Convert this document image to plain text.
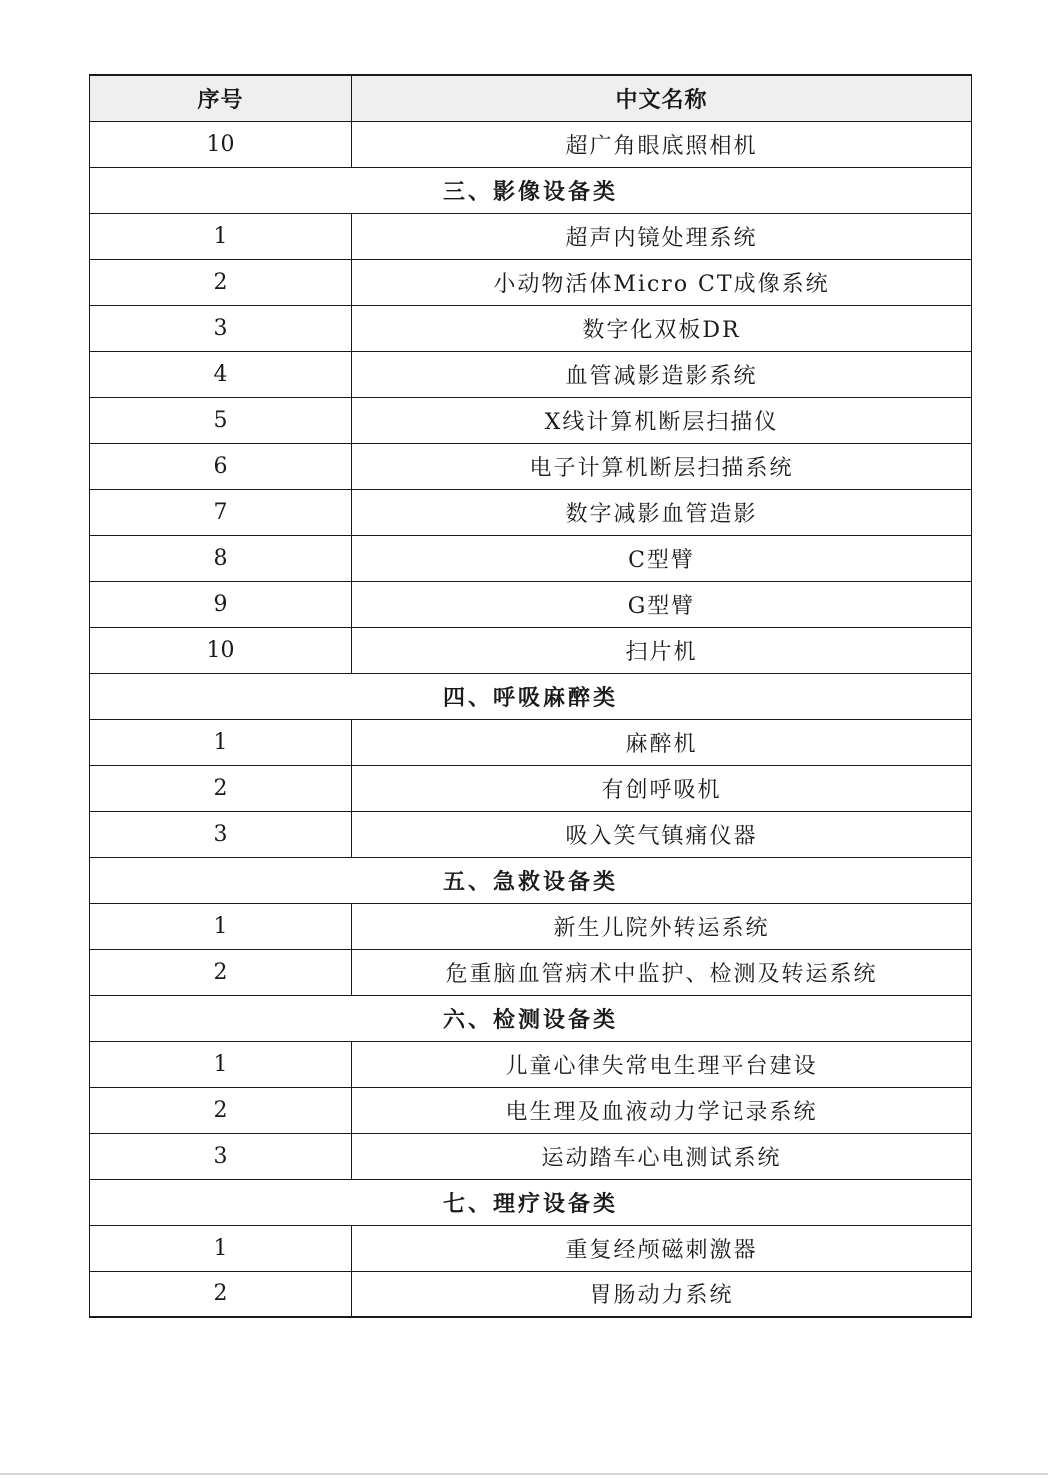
序号	中文名称
10	超广角眼底照相机
三、影像设备类	
1	超声内镜处理系统
2	小动物活体Micro CT成像系统
3	数字化双板DR
4	血管减影造影系统
5	X线计算机断层扫描仪
6	电子计算机断层扫描系统
7	数字减影血管造影
8	C型臂
9	G型臂
10	扫片机
四、呼吸麻醉类	
1	麻醉机
2	有创呼吸机
3	吸入笑气镇痛仪器
五、急救设备类	
1	新生儿院外转运系统
2	危重脑血管病术中监护、检测及转运系统
六、检测设备类	
1	儿童心律失常电生理平台建设
2	电生理及血液动力学记录系统
3	运动踏车心电测试系统
七、理疗设备类	
1	重复经颅磁刺激器
2	胃肠动力系统
